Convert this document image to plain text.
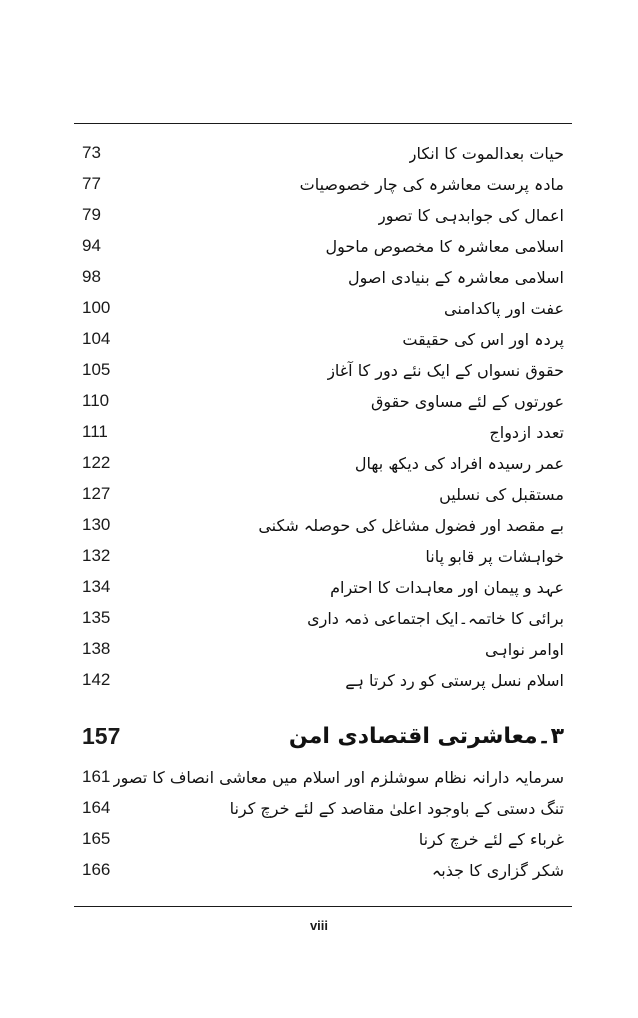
73	حیات بعدالموت کا انکار
77	مادہ پرست معاشرہ کی چار خصوصیات
79	اعمال کی جوابدہی کا تصور
94	اسلامی معاشرہ کا مخصوص ماحول
98	اسلامی معاشرہ کے بنیادی اصول
100	عفت اور پاکدامنی
104	پردہ اور اس کی حقیقت
105	حقوق نسواں کے ایک نئے دور کا آغاز
110	عورتوں کے لئے مساوی حقوق
111	تعدد ازدواج
122	عمر رسیدہ افراد کی دیکھ بھال
127	مستقبل کی نسلیں
130	بے مقصد اور فضول مشاغل کی حوصلہ شکنی
132	خواہشات پر قابو پانا
134	عہد و پیمان اور معاہدات کا احترام
135	برائی کا خاتمہ۔ایک اجتماعی ذمہ داری
138	اوامر نواہی
142	اسلام نسل پرستی کو رد کرتا ہے
157	۳۔معاشرتی اقتصادی امن
161 سرمایہ دارانہ نظام سوشلزم اور اسلام میں معاشی انصاف کا تصور
164	تنگ دستی کے باوجود اعلیٰ مقاصد کے لئے خرچ کرنا
165	غرباء کے لئے خرچ کرنا
166	شکر گزاری کا جذبہ
viii
